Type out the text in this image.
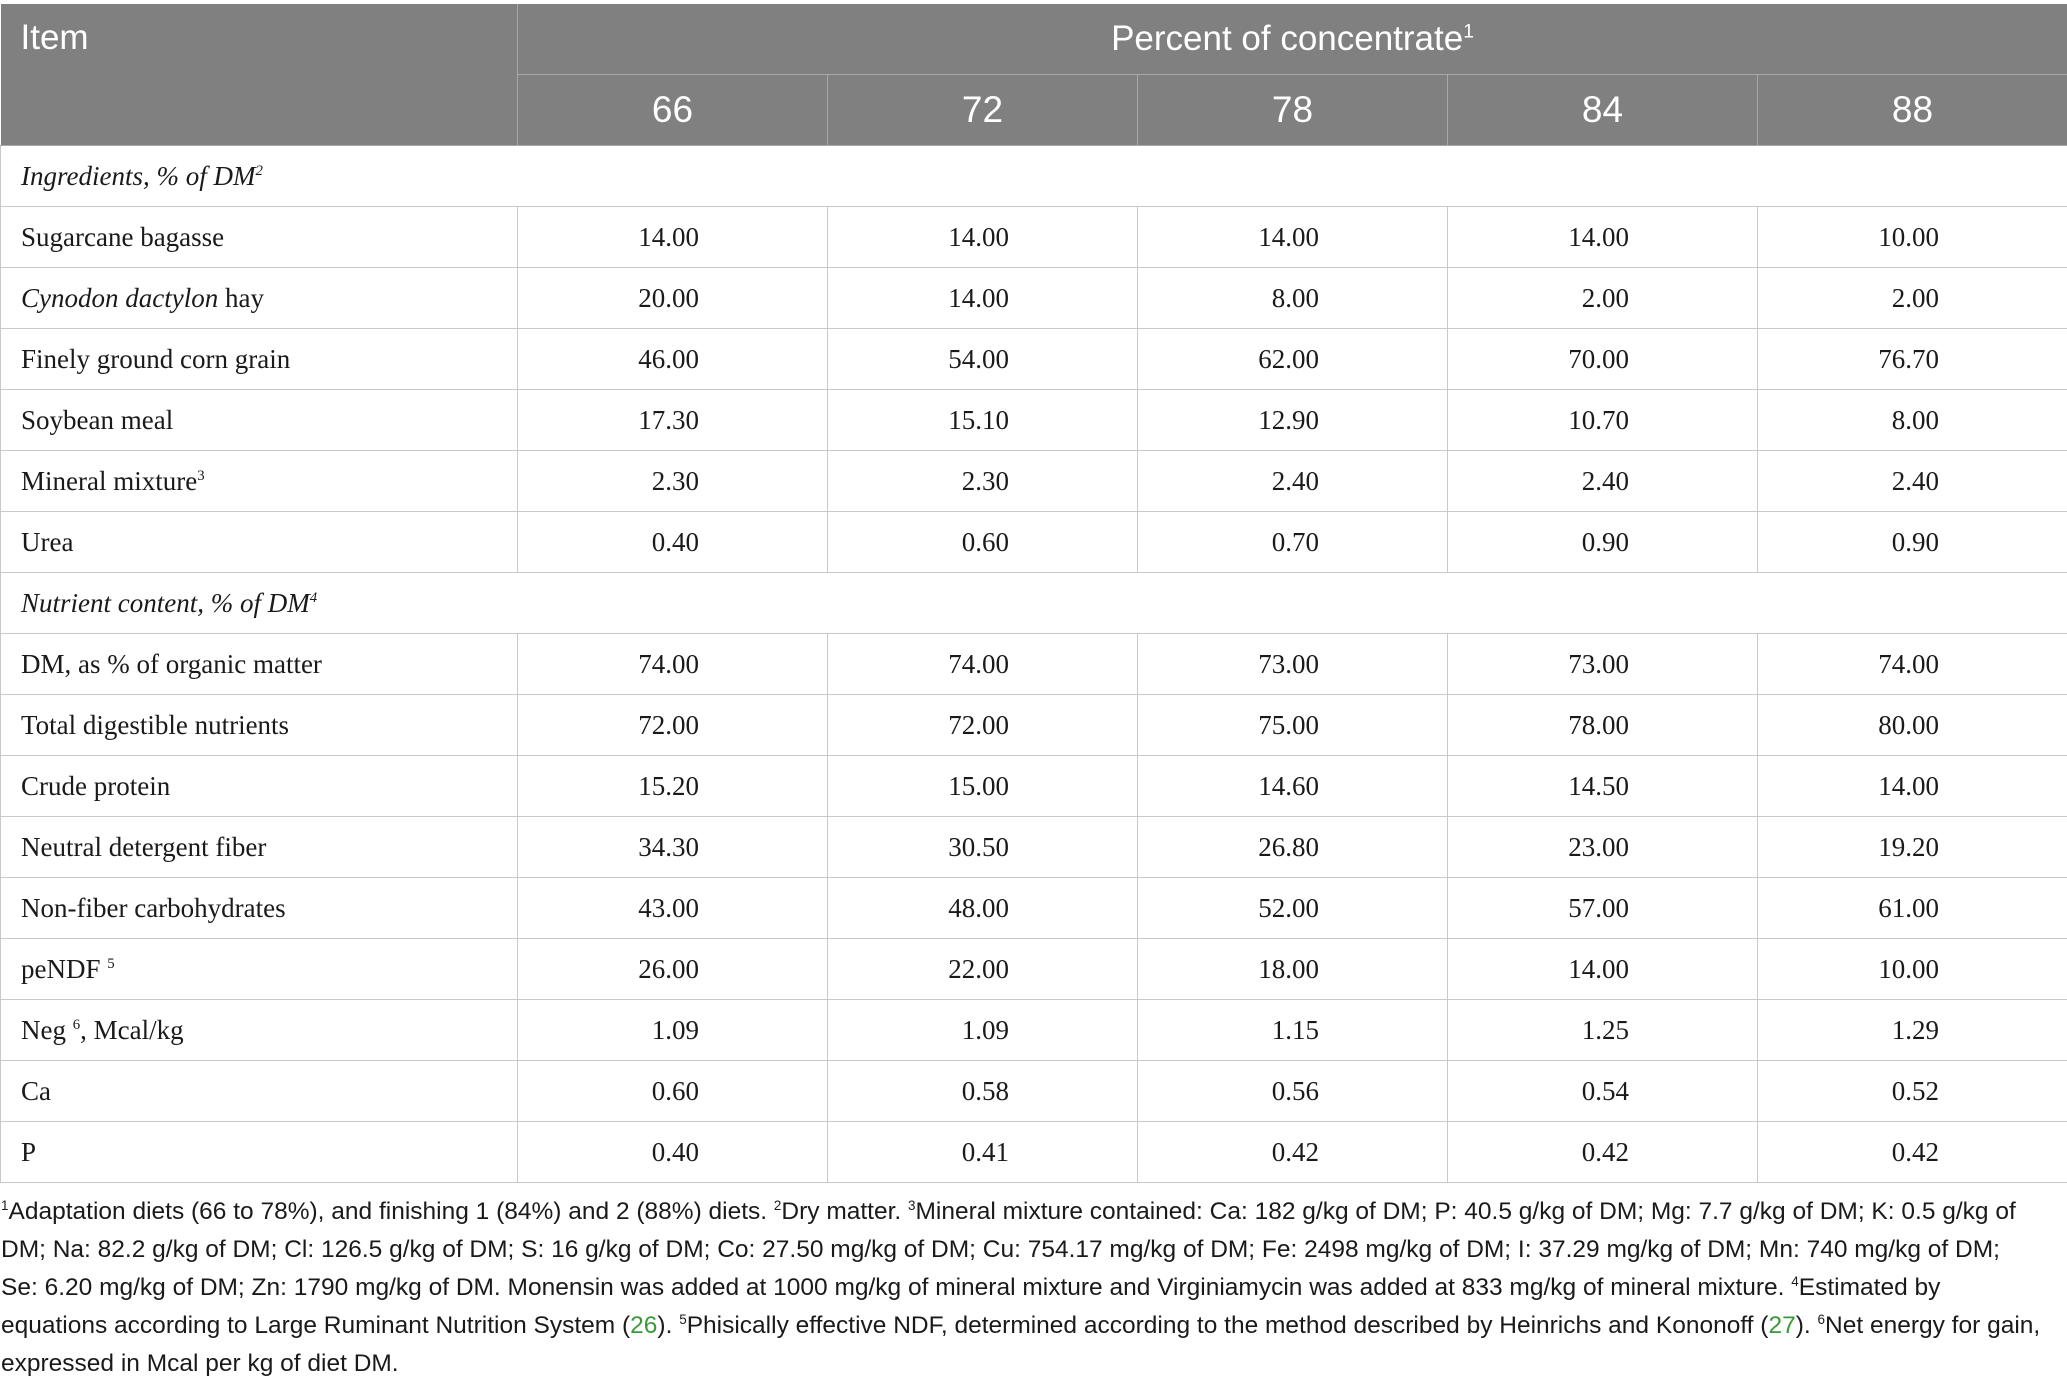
Item	Percent of concentrate$^1$
	66	72	78	84	88
Ingredients, % of $DM^2$
Sugarcane bagasse	14.00	14.00	14.00	14.00	10.00
Cynodon dactylon hay	20.00	14.00	8.00	2.00	2.00
Finely ground corn grain	46.00	54.00	62.00	70.00	76.70
Soybean meal	17.30	15.10	12.90	10.70	8.00
Mineral mixture$^3$	2.30	2.30	2.40	2.40	2.40
Urea	0.40	0.60	0.70	0.90	0.90
Nutrient content, % of $DM^4$
DM, as % of organic matter	74.00	74.00	73.00	73.00	74.00
Total digestible nutrients	72.00	72.00	75.00	78.00	80.00
Crude protein	15.20	15.00	14.60	14.50	14.00
Neutral detergent fiber	34.30	30.50	26.80	23.00	19.20
Non-fiber carbohydrates	43.00	48.00	52.00	57.00	61.00
peNDF $^5$	26.00	22.00	18.00	14.00	10.00
Neg $^6$, Mcal/kg	1.09	1.09	1.15	1.25	1.29
Ca	0.60	0.58	0.56	0.54	0.52
P	0.40	0.41	0.42	0.42	0.42
$^1$Adaptation diets (66 to 78%), and finishing 1 (84%) and 2 (88%) diets. $^2$Dry matter. $^3$Mineral mixture contained: Ca: 182 g/kg of DM; P: 40.5 g/kg of DM; Mg: 7.7 g/kg of DM; K: 0.5 g/kg of DM; Na: 82.2 g/kg of DM; Cl: 126.5 g/kg of DM; S: 16 g/kg of DM; Co: 27.50 mg/kg of DM; Cu: 754.17 mg/kg of DM; Fe: 2498 mg/kg of DM; I: 37.29 mg/kg of DM; Mn: 740 mg/kg of DM; Se: 6.20 mg/kg of DM; Zn: 1790 mg/kg of DM. Monensin was added at 1000 mg/kg of mineral mixture and Virginiamycin was added at 833 mg/kg of mineral mixture. $^4$Estimated by equations according to Large Ruminant Nutrition System (26). $^5$Phisically effective NDF, determined according to the method described by Heinrichs and Kononoff (27). $^6$Net energy for gain, expressed in Mcal per kg of diet DM.
